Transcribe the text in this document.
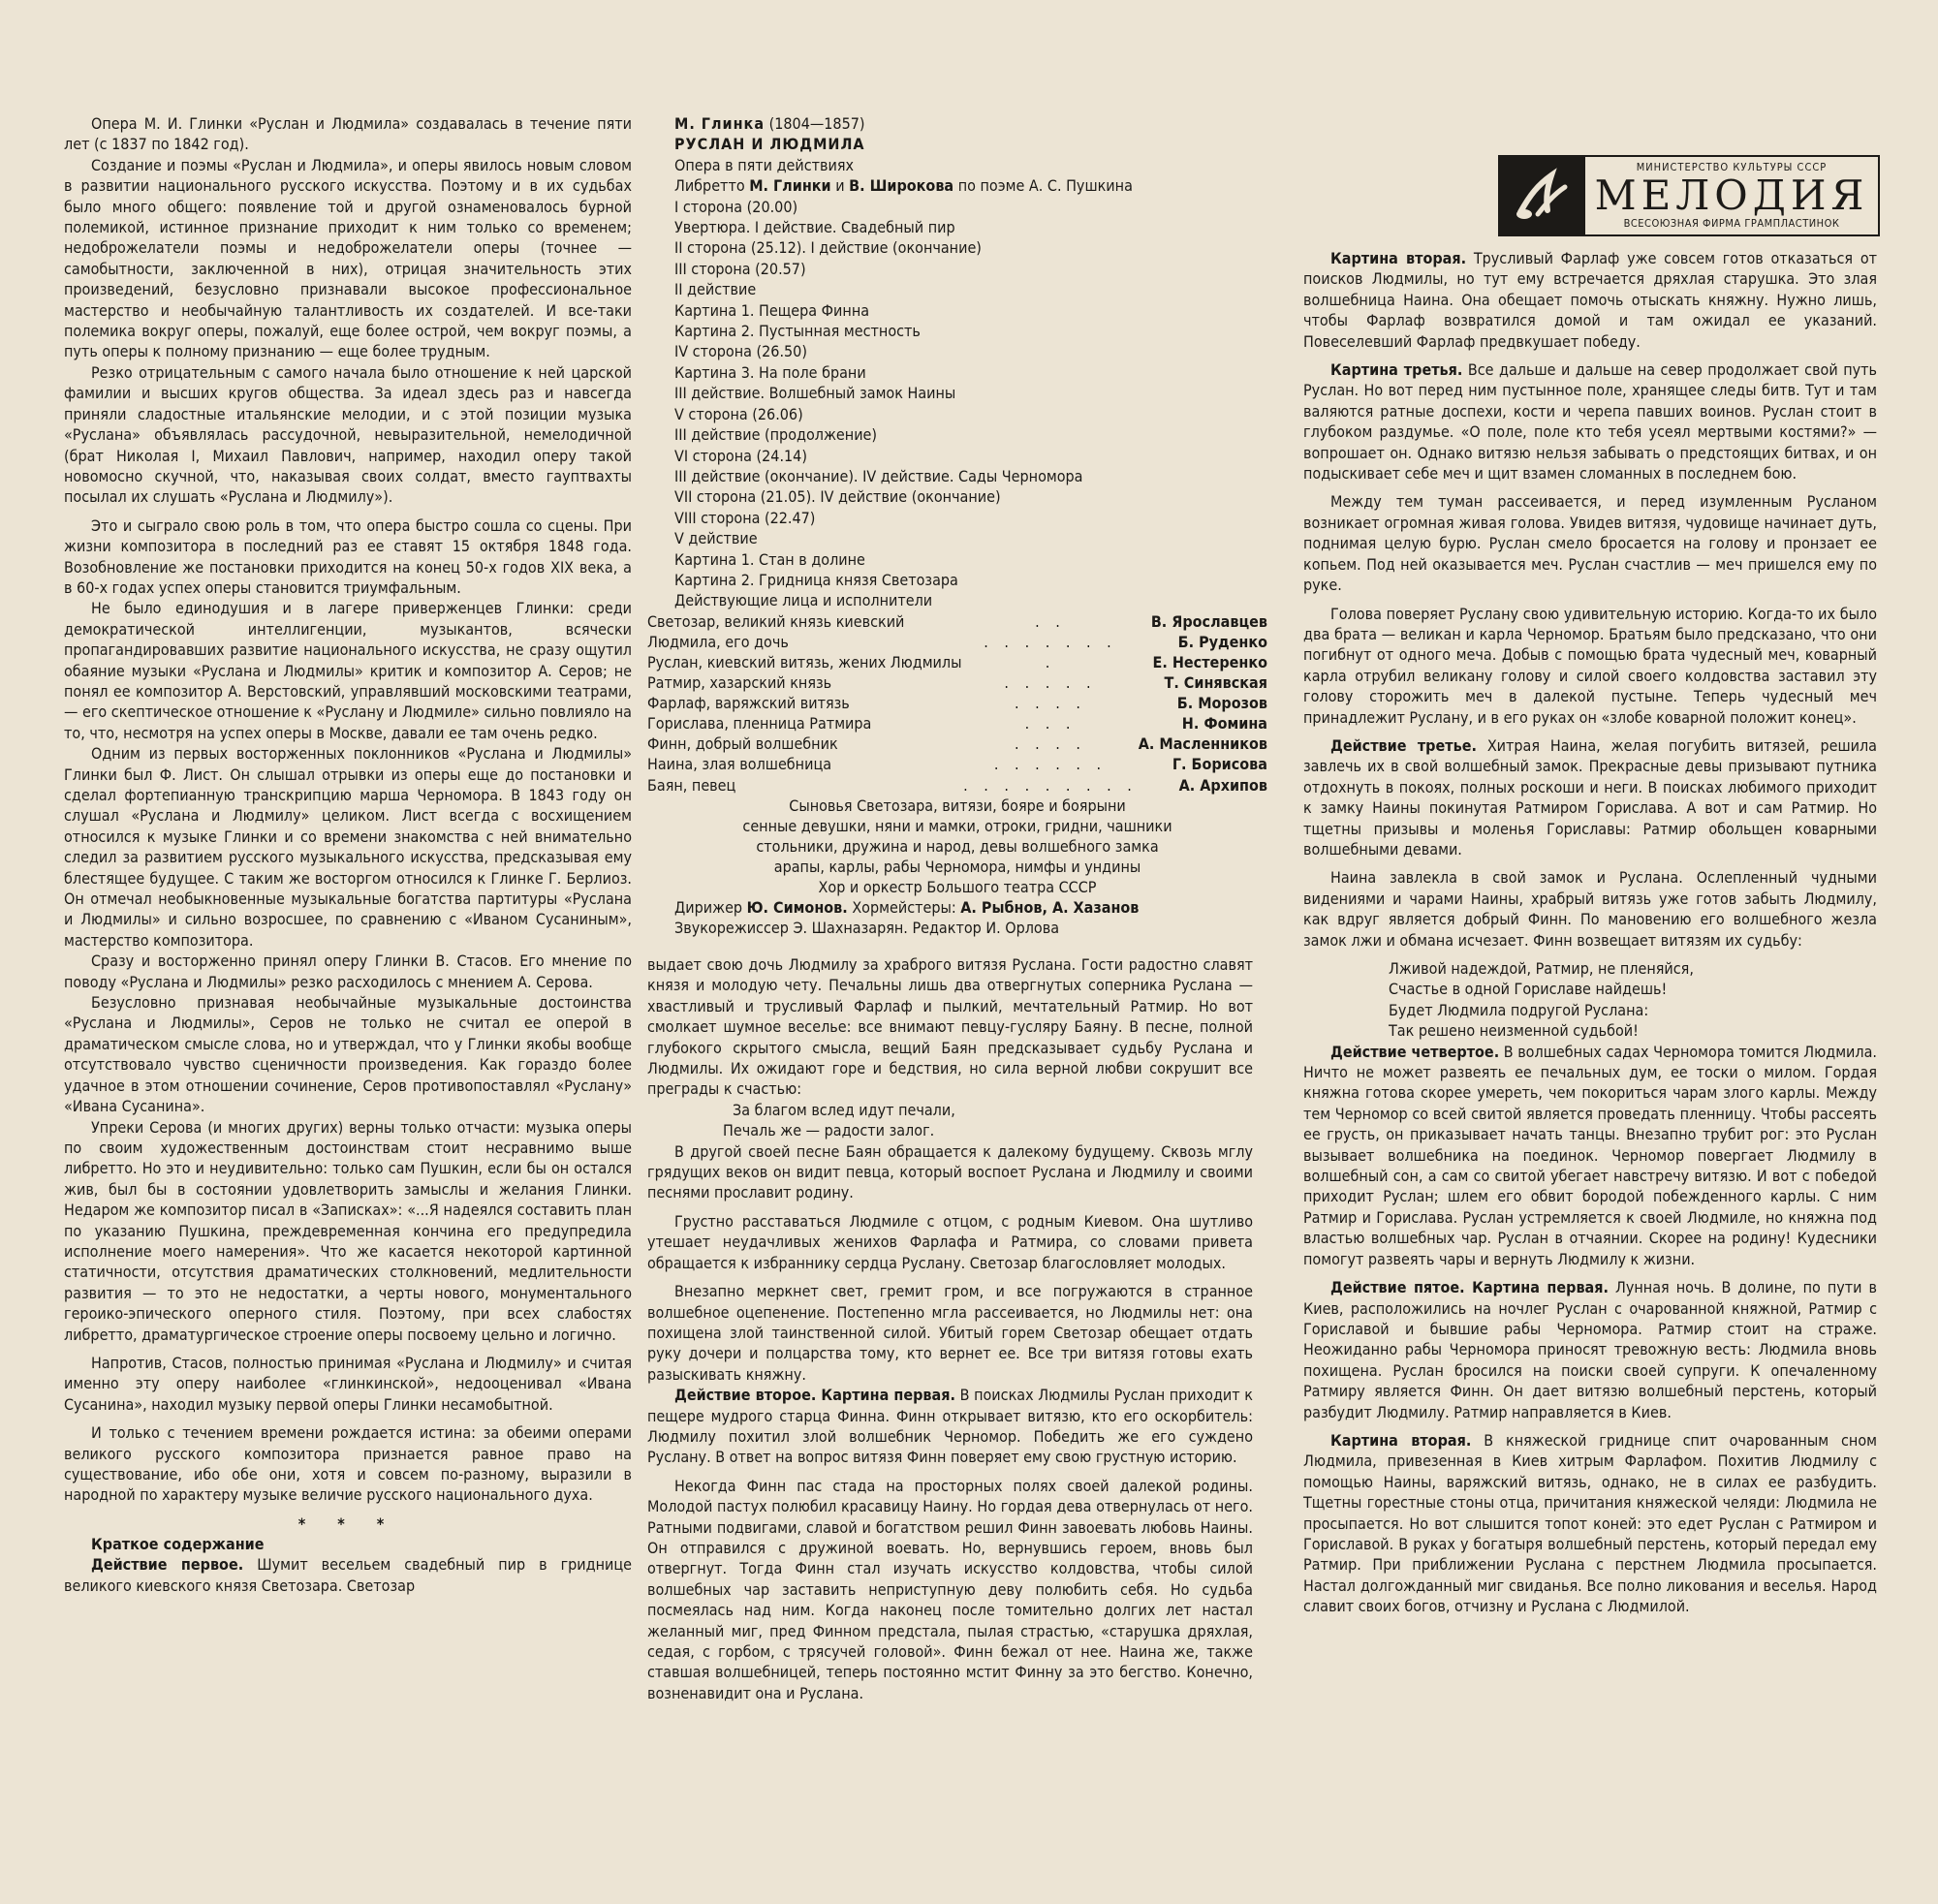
Опера М. И. Глинки «Руслан и Людмила» создавалась в течение пяти лет (с 1837 по 1842 год).

Создание и поэмы «Руслан и Людмила», и оперы явилось новым словом в развитии национального русского искусства. Поэтому и в их судьбах было много общего: появление той и другой ознаменовалось бурной полемикой, истинное признание приходит к ним только со временем; недоброжелатели поэмы и недоброжелатели оперы (точнее — самобытности, заключенной в них), отрицая значительность этих произведений, безусловно признавали высокое профессиональное мастерство и необычайную талантливость их создателей. И все-таки полемика вокруг оперы, пожалуй, еще более острой, чем вокруг поэмы, а путь оперы к полному признанию — еще более трудным.

Резко отрицательным с самого начала было отношение к ней царской фамилии и высших кругов общества. За идеал здесь раз и навсегда приняли сладостные итальянские мелодии, и с этой позиции музыка «Руслана» объявлялась рассудочной, невыразительной, немелодичной (брат Николая I, Михаил Павлович, например, находил оперу такой новомосно скучной, что, наказывая своих солдат, вместо гауптвахты посылал их слушать «Руслана и Людмилу»).

Это и сыграло свою роль в том, что опера быстро сошла со сцены. При жизни композитора в последний раз ее ставят 15 октября 1848 года. Возобновление же постановки приходится на конец 50-х годов XIX века, а в 60-х годах успех оперы становится триумфальным.

Не было единодушия и в лагере приверженцев Глинки: среди демократической интеллигенции, музыкантов, всячески пропагандировавших развитие национального искусства, не сразу ощутил обаяние музыки «Руслана и Людмилы» критик и композитор А. Серов; не понял ее композитор А. Верстовский, управлявший московскими театрами, — его скептическое отношение к «Руслану и Людмиле» сильно повлияло на то, что, несмотря на успех оперы в Москве, давали ее там очень редко.

Одним из первых восторженных поклонников «Руслана и Людмилы» Глинки был Ф. Лист. Он слышал отрывки из оперы еще до постановки и сделал фортепианную транскрипцию марша Черномора. В 1843 году он слушал «Руслана и Людмилу» целиком. Лист всегда с восхищением относился к музыке Глинки и со времени знакомства с ней внимательно следил за развитием русского музыкального искусства, предсказывая ему блестящее будущее. С таким же восторгом относился к Глинке Г. Берлиоз. Он отмечал необыкновенные музыкальные богатства партитуры «Руслана и Людмилы» и сильно возросшее, по сравнению с «Иваном Сусаниным», мастерство композитора.

Сразу и восторженно принял оперу Глинки В. Стасов. Его мнение по поводу «Руслана и Людмилы» резко расходилось с мнением А. Серова.

Безусловно признавая необычайные музыкальные достоинства «Руслана и Людмилы», Серов не только не считал ее оперой в драматическом смысле слова, но и утверждал, что у Глинки якобы вообще отсутствовало чувство сценичности произведения. Как гораздо более удачное в этом отношении сочинение, Серов противопоставлял «Руслану» «Ивана Сусанина».

Упреки Серова (и многих других) верны только отчасти: музыка оперы по своим художественным достоинствам стоит несравнимо выше либретто. Но это и неудивительно: только сам Пушкин, если бы он остался жив, был бы в состоянии удовлетворить замыслы и желания Глинки. Недаром же композитор писал в «Записках»: «...Я надеялся составить план по указанию Пушкина, преждевременная кончина его предупредила исполнение моего намерения». Что же касается некоторой картинной статичности, отсутствия драматических столкновений, медлительности развития — то это не недостатки, а черты нового, монументального героико-эпического оперного стиля. Поэтому, при всех слабостях либретто, драматургическое строение оперы посвоему цельно и логично.

Напротив, Стасов, полностью принимая «Руслана и Людмилу» и считая именно эту оперу наиболее «глинкинской», недооценивал «Ивана Сусанина», находил музыку первой оперы Глинки несамобытной.

И только с течением времени рождается истина: за обеими операми великого русского композитора признается равное право на существование, ибо обе они, хотя и совсем по-разному, выразили в народной по характеру музыке величие русского национального духа.

* * *

Краткое содержание

Действие первое. Шумит весельем свадебный пир в гриднице великого киевского князя Светозара. Светозар

М. Глинка (1804—1857)

РУСЛАН И ЛЮДМИЛА

Опера в пяти действиях

Либретто М. Глинки и В. Широкова по поэме А. С. Пушкина

I сторона (20.00)

Увертюра. I действие. Свадебный пир

II сторона (25.12). I действие (окончание)

III сторона (20.57)

II действие

Картина 1. Пещера Финна

Картина 2. Пустынная местность

IV сторона (26.50)

Картина 3. На поле брани

III действие. Волшебный замок Наины

V сторона (26.06)

III действие (продолжение)

VI сторона (24.14)

III действие (окончание). IV действие. Сады Черномора

VII сторона (21.05). IV действие (окончание)

VIII сторона (22.47)

V действие

Картина 1. Стан в долине

Картина 2. Гридница князя Светозара

Действующие лица и исполнители

Светозар, великий князь киевский	. .	В. Ярославцев
Людмила, его дочь	. . . . . . .	Б. Руденко
Руслан, киевский витязь, жених Людмилы	.	Е. Нестеренко
Ратмир, хазарский князь	. . . . .	Т. Синявская
Фарлаф, варяжский витязь	. . . .	Б. Морозов
Горислава, пленница Ратмира	. . .	Н. Фомина
Финн, добрый волшебник	. . . .	А. Масленников
Наина, злая волшебница	. . . . . .	Г. Борисова
Баян, певец	. . . . . . . . .	А. Архипов
Сыновья Светозара, витязи, бояре и боярыни
сенные девушки, няни и мамки, отроки, гридни, чашники
стольники, дружина и народ, девы волшебного замка
арапы, карлы, рабы Черномора, нимфы и ундины
Хор и оркестр Большого театра СССР

Дирижер Ю. Симонов. Хормейстеры: А. Рыбнов, А. Хазанов

Звукорежиссер Э. Шахназарян. Редактор И. Орлова

выдает свою дочь Людмилу за храброго витязя Руслана. Гости радостно славят князя и молодую чету. Печальны лишь два отвергнутых соперника Руслана — хвастливый и трусливый Фарлаф и пылкий, мечтательный Ратмир. Но вот смолкает шумное веселье: все внимают певцу-гусляру Баяну. В песне, полной глубокого скрытого смысла, вещий Баян предсказывает судьбу Руслана и Людмилы. Их ожидают горе и бедствия, но сила верной любви сокрушит все преграды к счастью:

За благом вслед идут печали,

Печаль же — радости залог.

В другой своей песне Баян обращается к далекому будущему. Сквозь мглу грядущих веков он видит певца, который воспоет Руслана и Людмилу и своими песнями прославит родину.

Грустно расставаться Людмиле с отцом, с родным Киевом. Она шутливо утешает неудачливых женихов Фарлафа и Ратмира, со словами привета обращается к избраннику сердца Руслану. Светозар благословляет молодых.

Внезапно меркнет свет, гремит гром, и все погружаются в странное волшебное оцепенение. Постепенно мгла рассеивается, но Людмилы нет: она похищена злой таинственной силой. Убитый горем Светозар обещает отдать руку дочери и полцарства тому, кто вернет ее. Все три витязя готовы ехать разыскивать княжну.

Действие второе. Картина первая. В поисках Людмилы Руслан приходит к пещере мудрого старца Финна. Финн открывает витязю, кто его оскорбитель: Людмилу похитил злой волшебник Черномор. Победить же его суждено Руслану. В ответ на вопрос витязя Финн поверяет ему свою грустную историю.

Некогда Финн пас стада на просторных полях своей далекой родины. Молодой пастух полюбил красавицу Наину. Но гордая дева отвернулась от него. Ратными подвигами, славой и богатством решил Финн завоевать любовь Наины. Он отправился с дружиной воевать. Но, вернувшись героем, вновь был отвергнут. Тогда Финн стал изучать искусство колдовства, чтобы силой волшебных чар заставить неприступную деву полюбить себя. Но судьба посмеялась над ним. Когда наконец после томительно долгих лет настал желанный миг, пред Финном предстала, пылая страстью, «старушка дряхлая, седая, с горбом, с трясучей головой». Финн бежал от нее. Наина же, также ставшая волшебницей, теперь постоянно мстит Финну за это бегство. Конечно, возненавидит она и Руслана.

МИНИСТЕРСТВО КУЛЬТУРЫ СССР
МЕЛОДИЯ
ВСЕСОЮЗНАЯ ФИРМА ГРАМПЛАСТИНОК

Картина вторая. Трусливый Фарлаф уже совсем готов отказаться от поисков Людмилы, но тут ему встречается дряхлая старушка. Это злая волшебница Наина. Она обещает помочь отыскать княжну. Нужно лишь, чтобы Фарлаф возвратился домой и там ожидал ее указаний. Повеселевший Фарлаф предвкушает победу.

Картина третья. Все дальше и дальше на север продолжает свой путь Руслан. Но вот перед ним пустынное поле, хранящее следы битв. Тут и там валяются ратные доспехи, кости и черепа павших воинов. Руслан стоит в глубоком раздумье. «О поле, поле кто тебя усеял мертвыми костями?» — вопрошает он. Однако витязю нельзя забывать о предстоящих битвах, и он подыскивает себе меч и щит взамен сломанных в последнем бою.

Между тем туман рассеивается, и перед изумленным Русланом возникает огромная живая голова. Увидев витязя, чудовище начинает дуть, поднимая целую бурю. Руслан смело бросается на голову и пронзает ее копьем. Под ней оказывается меч. Руслан счастлив — меч пришелся ему по руке.

Голова поверяет Руслану свою удивительную историю. Когда-то их было два брата — великан и карла Черномор. Братьям было предсказано, что они погибнут от одного меча. Добыв с помощью брата чудесный меч, коварный карла отрубил великану голову и силой своего колдовства заставил эту голову сторожить меч в далекой пустыне. Теперь чудесный меч принадлежит Руслану, и в его руках он «злобе коварной положит конец».

Действие третье. Хитрая Наина, желая погубить витязей, решила завлечь их в свой волшебный замок. Прекрасные девы призывают путника отдохнуть в покоях, полных роскоши и неги. В поисках любимого приходит к замку Наины покинутая Ратмиром Горислава. А вот и сам Ратмир. Но тщетны призывы и моленья Гориславы: Ратмир обольщен коварными волшебными девами.

Наина завлекла в свой замок и Руслана. Ослепленный чудными видениями и чарами Наины, храбрый витязь уже готов забыть Людмилу, как вдруг является добрый Финн. По мановению его волшебного жезла замок лжи и обмана исчезает. Финн возвещает витязям их судьбу:

Лживой надеждой, Ратмир, не пленяйся,

Счастье в одной Гориславе найдешь!

Будет Людмила подругой Руслана:

Так решено неизменной судьбой!

Действие четвертое. В волшебных садах Черномора томится Людмила. Ничто не может развеять ее печальных дум, ее тоски о милом. Гордая княжна готова скорее умереть, чем покориться чарам злого карлы. Между тем Черномор со всей свитой является проведать пленницу. Чтобы рассеять ее грусть, он приказывает начать танцы. Внезапно трубит рог: это Руслан вызывает волшебника на поединок. Черномор повергает Людмилу в волшебный сон, а сам со свитой убегает навстречу витязю. И вот с победой приходит Руслан; шлем его обвит бородой побежденного карлы. С ним Ратмир и Горислава. Руслан устремляется к своей Людмиле, но княжна под властью волшебных чар. Руслан в отчаянии. Скорее на родину! Кудесники помогут развеять чары и вернуть Людмилу к жизни.

Действие пятое. Картина первая. Лунная ночь. В долине, по пути в Киев, расположились на ночлег Руслан с очарованной княжной, Ратмир с Гориславой и бывшие рабы Черномора. Ратмир стоит на страже. Неожиданно рабы Черномора приносят тревожную весть: Людмила вновь похищена. Руслан бросился на поиски своей супруги. К опечаленному Ратмиру является Финн. Он дает витязю волшебный перстень, который разбудит Людмилу. Ратмир направляется в Киев.

Картина вторая. В княжеской гриднице спит очарованным сном Людмила, привезенная в Киев хитрым Фарлафом. Похитив Людмилу с помощью Наины, варяжский витязь, однако, не в силах ее разбудить. Тщетны горестные стоны отца, причитания княжеской челяди: Людмила не просыпается. Но вот слышится топот коней: это едет Руслан с Ратмиром и Гориславой. В руках у богатыря волшебный перстень, который передал ему Ратмир. При приближении Руслана с перстнем Людмила просыпается. Настал долгожданный миг свиданья. Все полно ликования и веселья. Народ славит своих богов, отчизну и Руслана с Людмилой.
